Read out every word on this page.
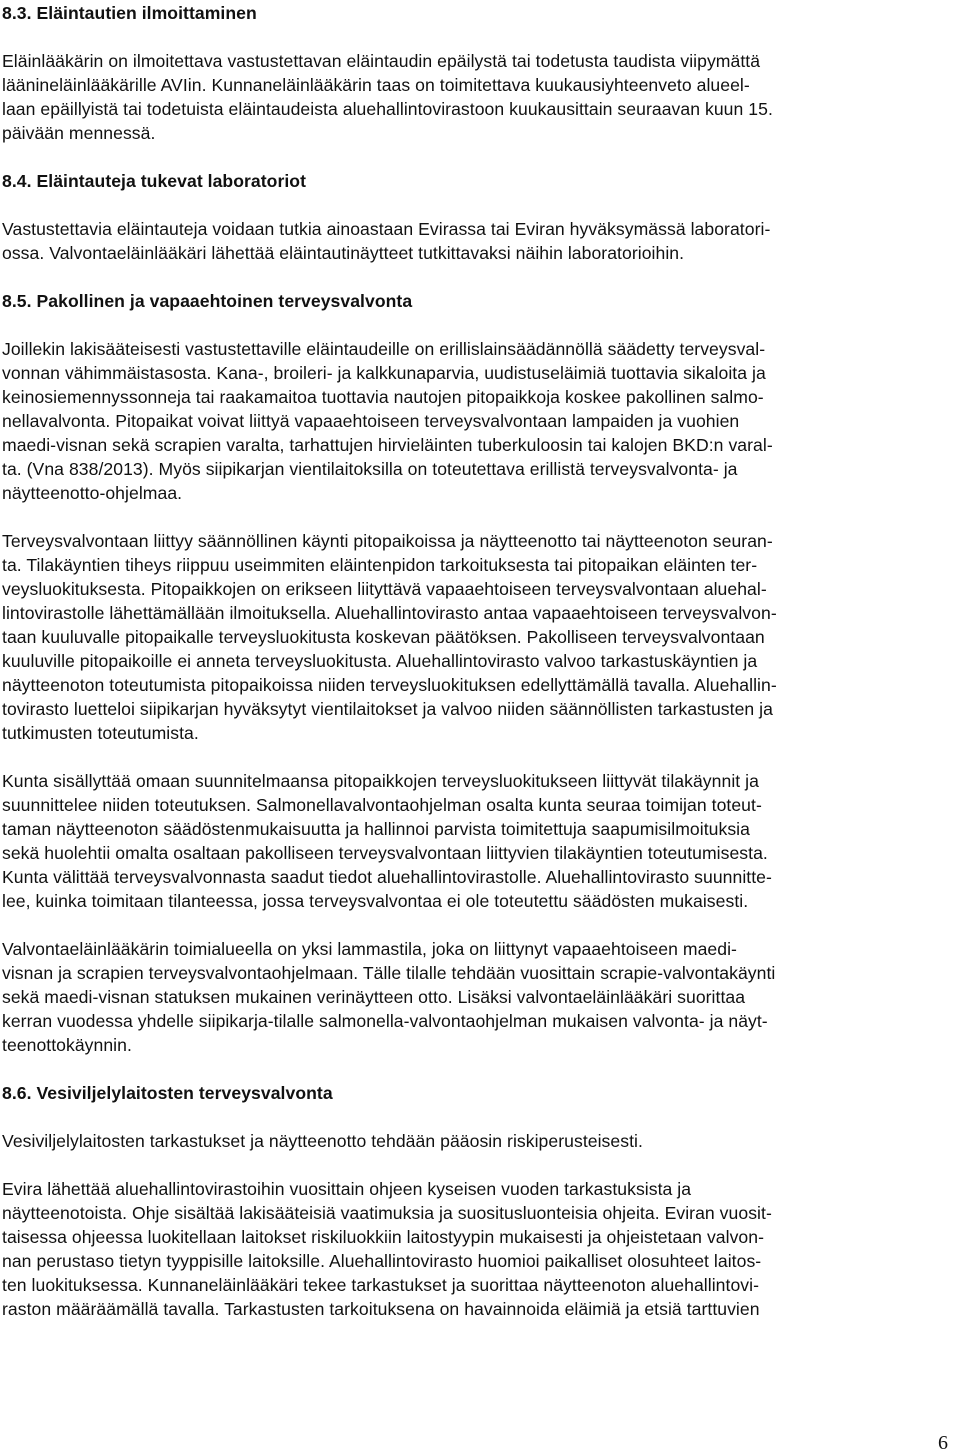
8.3. Eläintautien ilmoittaminen
Eläinlääkärin on ilmoitettava vastustettavan eläintaudin epäilystä tai todetusta taudista viipymättä
läänineläinlääkärille AVIin. Kunnaneläinlääkärin taas on toimitettava kuukausiyhteenveto alueel-
laan epäillyistä tai todetuista eläintaudeista aluehallintovirastoon kuukausittain seuraavan kuun 15.
päivään mennessä.
8.4. Eläintauteja tukevat laboratoriot
Vastustettavia eläintauteja voidaan tutkia ainoastaan Evirassa tai Eviran hyväksymässä laboratori-
ossa. Valvontaeläinlääkäri lähettää eläintautinäytteet tutkittavaksi näihin laboratorioihin.
8.5. Pakollinen ja vapaaehtoinen terveysvalvonta
Joillekin lakisääteisesti vastustettaville eläintaudeille on erillislainsäädännöllä säädetty terveysval-
vonnan vähimmäistasosta. Kana-, broileri- ja kalkkunaparvia, uudistuseläimiä tuottavia sikaloita ja
keinosiemennyssonneja tai raakamaitoa tuottavia nautojen pitopaikkoja koskee pakollinen salmo-
nellavalvonta. Pitopaikat voivat liittyä vapaaehtoiseen terveysvalvontaan lampaiden ja vuohien
maedi-visnan sekä scrapien varalta, tarhattujen hirvieläinten tuberkuloosin tai kalojen BKD:n varal-
ta. (Vna 838/2013). Myös siipikarjan vientilaitoksilla on toteutettava erillistä terveysvalvonta- ja
näytteenotto-ohjelmaa.
Terveysvalvontaan liittyy säännöllinen käynti pitopaikoissa ja näytteenotto tai näytteenoton seuran-
ta. Tilakäyntien tiheys riippuu useimmiten eläintenpidon tarkoituksesta tai pitopaikan eläinten ter-
veysluokituksesta. Pitopaikkojen on erikseen liityttävä vapaaehtoiseen terveysvalvontaan aluehal-
lintovirastolle lähettämällään ilmoituksella. Aluehallintovirasto antaa vapaaehtoiseen terveysvalvon-
taan kuuluvalle pitopaikalle terveysluokitusta koskevan päätöksen. Pakolliseen terveysvalvontaan
kuuluville pitopaikoille ei anneta terveysluokitusta. Aluehallintovirasto valvoo tarkastuskäyntien ja
näytteenoton toteutumista pitopaikoissa niiden terveysluokituksen edellyttämällä tavalla. Aluehallin-
tovirasto luetteloi siipikarjan hyväksytyt vientilaitokset ja valvoo niiden säännöllisten tarkastusten ja
tutkimusten toteutumista.
Kunta sisällyttää omaan suunnitelmaansa pitopaikkojen terveysluokitukseen liittyvät tilakäynnit ja
suunnittelee niiden toteutuksen. Salmonellavalvontaohjelman osalta kunta seuraa toimijan toteut-
taman näytteenoton säädöstenmukaisuutta ja hallinnoi parvista toimitettuja saapumisilmoituksia
sekä huolehtii omalta osaltaan pakolliseen terveysvalvontaan liittyvien tilakäyntien toteutumisesta.
Kunta välittää terveysvalvonnasta saadut tiedot aluehallintovirastolle. Aluehallintovirasto suunnitte-
lee, kuinka toimitaan tilanteessa, jossa terveysvalvontaa ei ole toteutettu säädösten mukaisesti.
Valvontaeläinlääkärin toimialueella on yksi lammastila, joka on liittynyt vapaaehtoiseen maedi-
visnan ja scrapien terveysvalvontaohjelmaan. Tälle tilalle tehdään vuosittain scrapie-valvontakäynti
sekä maedi-visnan statuksen mukainen verinäytteen otto. Lisäksi valvontaeläinlääkäri suorittaa
kerran vuodessa yhdelle siipikarja-tilalle salmonella-valvontaohjelman mukaisen valvonta- ja näyt-
teenottokäynnin.
8.6. Vesiviljelylaitosten terveysvalvonta
Vesiviljelylaitosten tarkastukset ja näytteenotto tehdään pääosin riskiperusteisesti.
Evira lähettää aluehallintovirastoihin vuosittain ohjeen kyseisen vuoden tarkastuksista ja
näytteenotoista. Ohje sisältää lakisääteisiä vaatimuksia ja suositusluonteisia ohjeita. Eviran vuosit-
taisessa ohjeessa luokitellaan laitokset riskiluokkiin laitostyypin mukaisesti ja ohjeistetaan valvon-
nan perustaso tietyn tyyppisille laitoksille. Aluehallintovirasto huomioi paikalliset olosuhteet laitos-
ten luokituksessa. Kunnaneläinlääkäri tekee tarkastukset ja suorittaa näytteenoton aluehallintovi-
raston määräämällä tavalla. Tarkastusten tarkoituksena on havainnoida eläimiä ja etsiä tarttuvien
6
